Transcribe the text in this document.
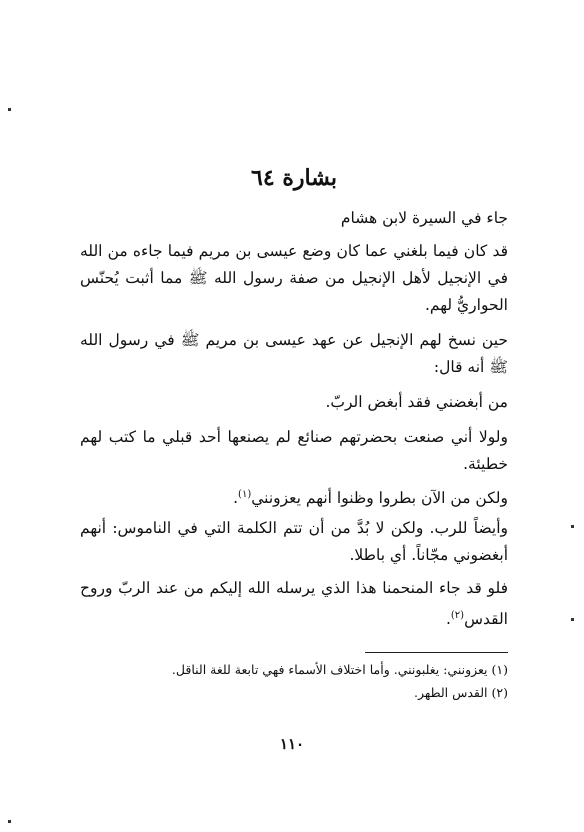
بشارة ٦٤
جاء في السيرة لابن هشام
قد كان فيما بلغني عما كان وضع عيسى بن مريم فيما جاءه من الله في الإنجيل لأهل الإنجيل من صفة رسول الله ﷺ مما أثبت يُحنّس الحواريُّ لهم.
حين نسخ لهم الإنجيل عن عهد عيسى بن مريم ﷺ في رسول الله ﷺ أنه قال:
من أبغضني فقد أبغض الربّ.
ولولا أني صنعت بحضرتهم صنائع لم يصنعها أحد قبلي ما كتب لهم خطيئة.
ولكن من الآن بطروا وظنوا أنهم يعزونني$^{(١)}$.
وأيضاً للرب. ولكن لا بُدَّ من أن تتم الكلمة التي في الناموس: أنهم أبغضوني مجّاناً. أي باطلا.
فلو قد جاء المنحمنا هذا الذي يرسله الله إليكم من عند الربّ وروح القدس$^{(٢)}$.
(١) يعزونني: يغلبونني. وأما اختلاف الأسماء فهي تابعة للغة الناقل.
(٢) القدس الطهر.
١١٠
